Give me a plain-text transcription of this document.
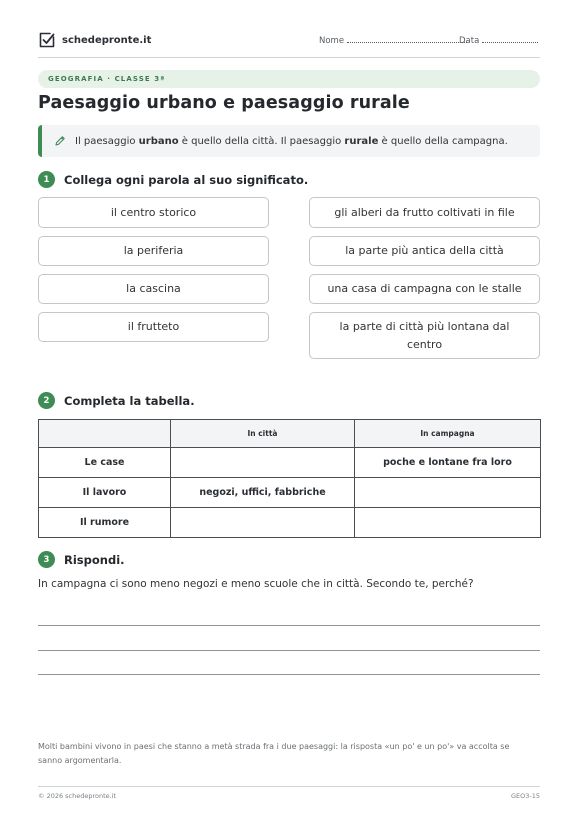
schedepronte.it	Nome	Data
GEOGRAFIA · CLASSE 3ª
Paesaggio urbano e paesaggio rurale
Il paesaggio urbano è quello della città. Il paesaggio rurale è quello della campagna.
1	Collega ogni parola al suo significato.
il centro storico
la periferia
la cascina
il frutteto
gli alberi da frutto coltivati in file
la parte più antica della città
una casa di campagna con le stalle
la parte di città più lontana dal centro
2	Completa la tabella.
	In città	In campagna
Le case		poche e lontane fra loro
Il lavoro	negozi, uffici, fabbriche	
Il rumore		
3	Rispondi.
In campagna ci sono meno negozi e meno scuole che in città. Secondo te, perché?
Molti bambini vivono in paesi che stanno a metà strada fra i due paesaggi: la risposta «un po' e un po'» va accolta se sanno argomentarla.
© 2026 schedepronte.it	GEO3-15
